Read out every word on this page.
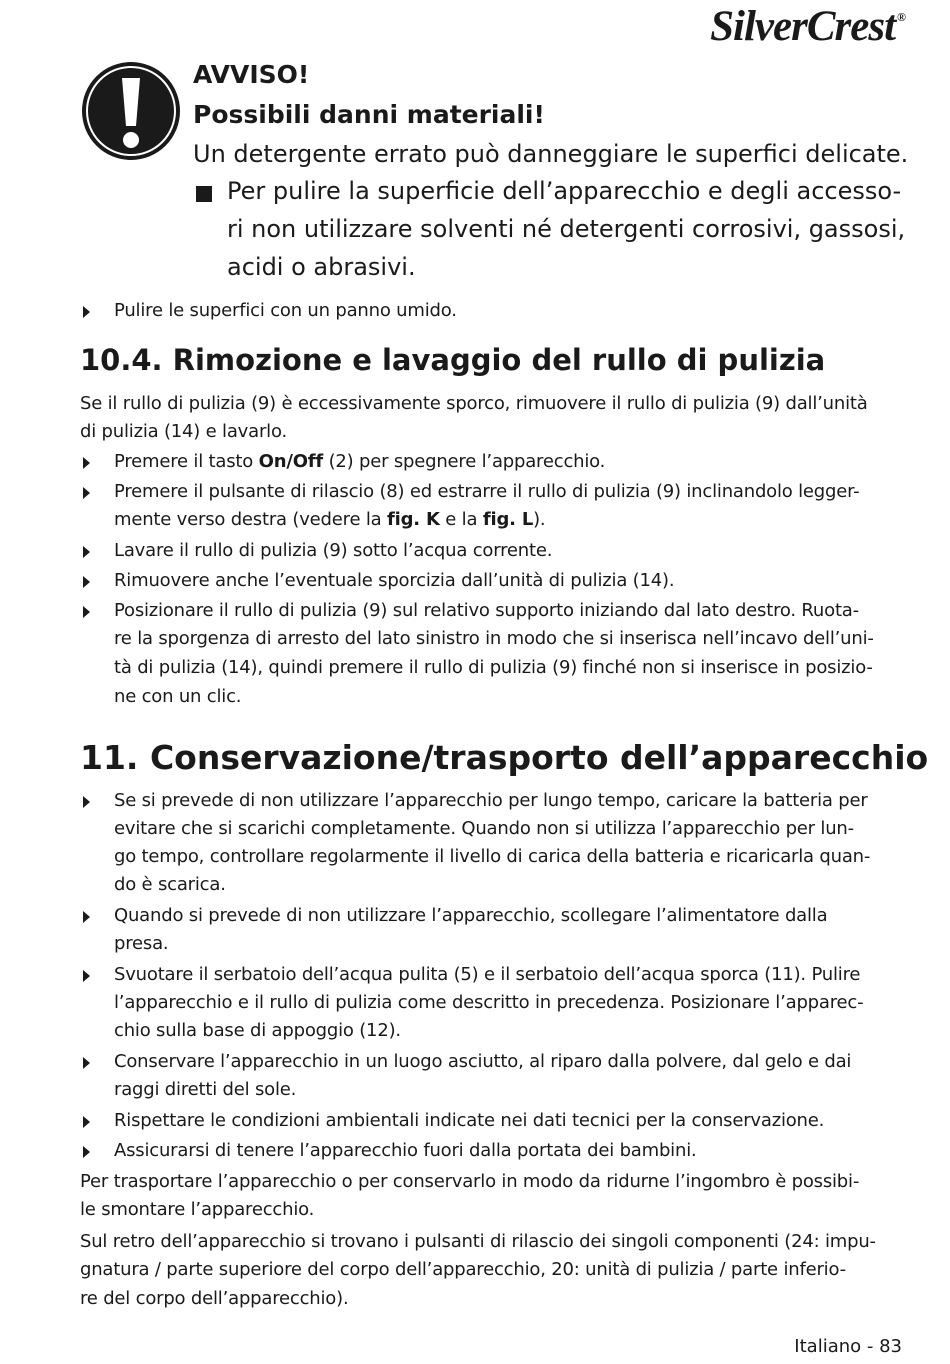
SilverCrest ®
AVVISO!
Possibili danni materiali!
Un detergente errato può danneggiare le superfici delicate.
Per pulire la superficie dell’apparecchio e degli accesso-
ri non utilizzare solventi né detergenti corrosivi, gassosi,
acidi o abrasivi.
Pulire le superfici con un panno umido.
10.4. Rimozione e lavaggio del rullo di pulizia
Se il rullo di pulizia (9) è eccessivamente sporco, rimuovere il rullo di pulizia (9) dall’unità
di pulizia (14) e lavarlo.
Premere il tasto On/Off (2) per spegnere l’apparecchio.
Premere il pulsante di rilascio (8) ed estrarre il rullo di pulizia (9) inclinandolo legger-
mente verso destra (vedere la fig. K e la fig. L).
Lavare il rullo di pulizia (9) sotto l’acqua corrente.
Rimuovere anche l’eventuale sporcizia dall’unità di pulizia (14).
Posizionare il rullo di pulizia (9) sul relativo supporto iniziando dal lato destro. Ruota-
re la sporgenza di arresto del lato sinistro in modo che si inserisca nell’incavo dell’uni-
tà di pulizia (14), quindi premere il rullo di pulizia (9) finché non si inserisce in posizio-
ne con un clic.
11. Conservazione/trasporto dell’apparecchio
Se si prevede di non utilizzare l’apparecchio per lungo tempo, caricare la batteria per
evitare che si scarichi completamente. Quando non si utilizza l’apparecchio per lun-
go tempo, controllare regolarmente il livello di carica della batteria e ricaricarla quan-
do è scarica.
Quando si prevede di non utilizzare l’apparecchio, scollegare l’alimentatore dalla
presa.
Svuotare il serbatoio dell’acqua pulita (5) e il serbatoio dell’acqua sporca (11). Pulire
l’apparecchio e il rullo di pulizia come descritto in precedenza. Posizionare l’apparec-
chio sulla base di appoggio (12).
Conservare l’apparecchio in un luogo asciutto, al riparo dalla polvere, dal gelo e dai
raggi diretti del sole.
Rispettare le condizioni ambientali indicate nei dati tecnici per la conservazione.
Assicurarsi di tenere l’apparecchio fuori dalla portata dei bambini.
Per trasportare l’apparecchio o per conservarlo in modo da ridurne l’ingombro è possibi-
le smontare l’apparecchio.
Sul retro dell’apparecchio si trovano i pulsanti di rilascio dei singoli componenti (24: impu-
gnatura / parte superiore del corpo dell’apparecchio, 20: unità di pulizia / parte inferio-
re del corpo dell’apparecchio).
Italiano - 83
